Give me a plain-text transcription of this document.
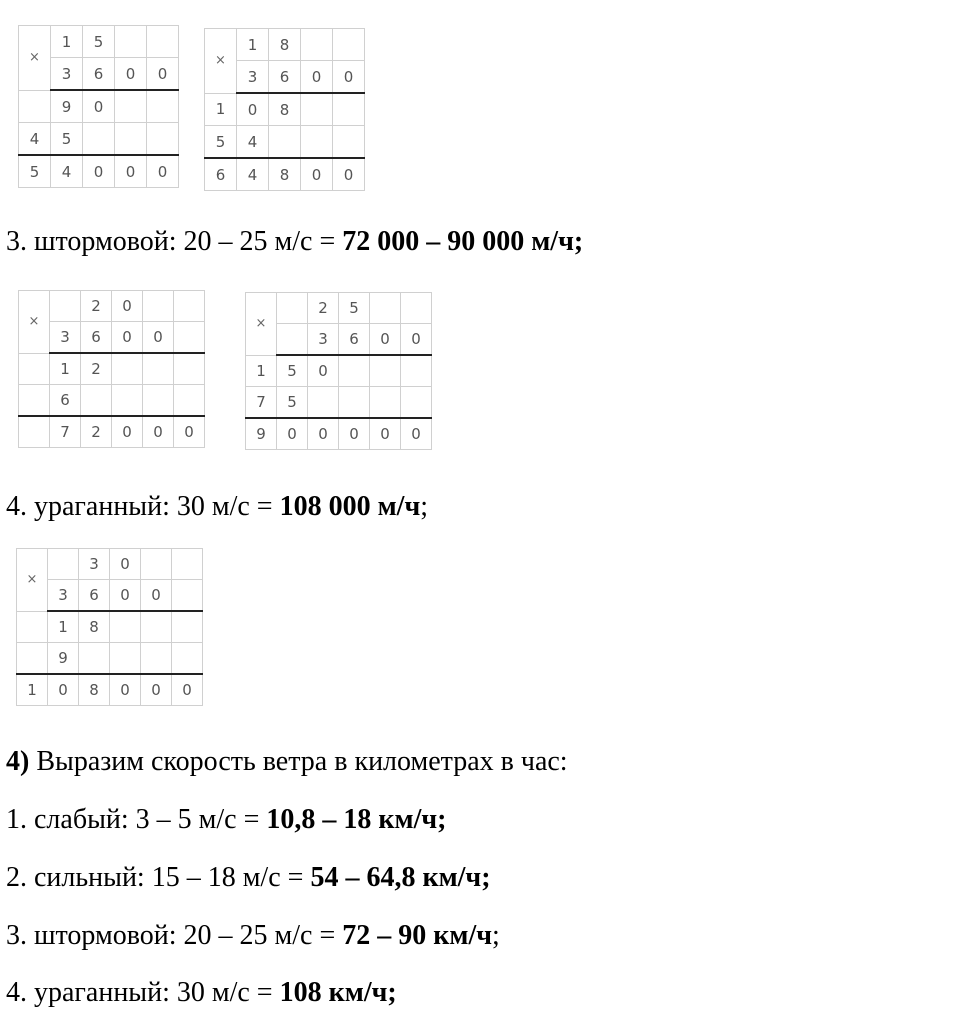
×	1	5		
	3	6	0	0
	9	0		
4	5			
5	4	0	0	0
×	1	8		
	3	6	0	0
1	0	8		
5	4			
6	4	8	0	0

3. штормовой: 20 – 25 м/с = 72 000 – 90 000 м/ч;

×		2	0		
	3	6	0	0	
	1	2			
	6				
	7	2	0	0	0
×		2	5		
		3	6	0	0
1	5	0			
7	5				
9	0	0	0	0	0

4. ураганный: 30 м/с = 108 000 м/ч;

×		3	0		
	3	6	0	0	
	1	8			
	9				
1	0	8	0	0	0

4) Выразим скорость ветра в километрах в час:

1. слабый: 3 – 5 м/с = 10,8 – 18 км/ч;

2. сильный: 15 – 18 м/с = 54 – 64,8 км/ч;

3. штормовой: 20 – 25 м/с = 72 – 90 км/ч;

4. ураганный: 30 м/с = 108 км/ч;
